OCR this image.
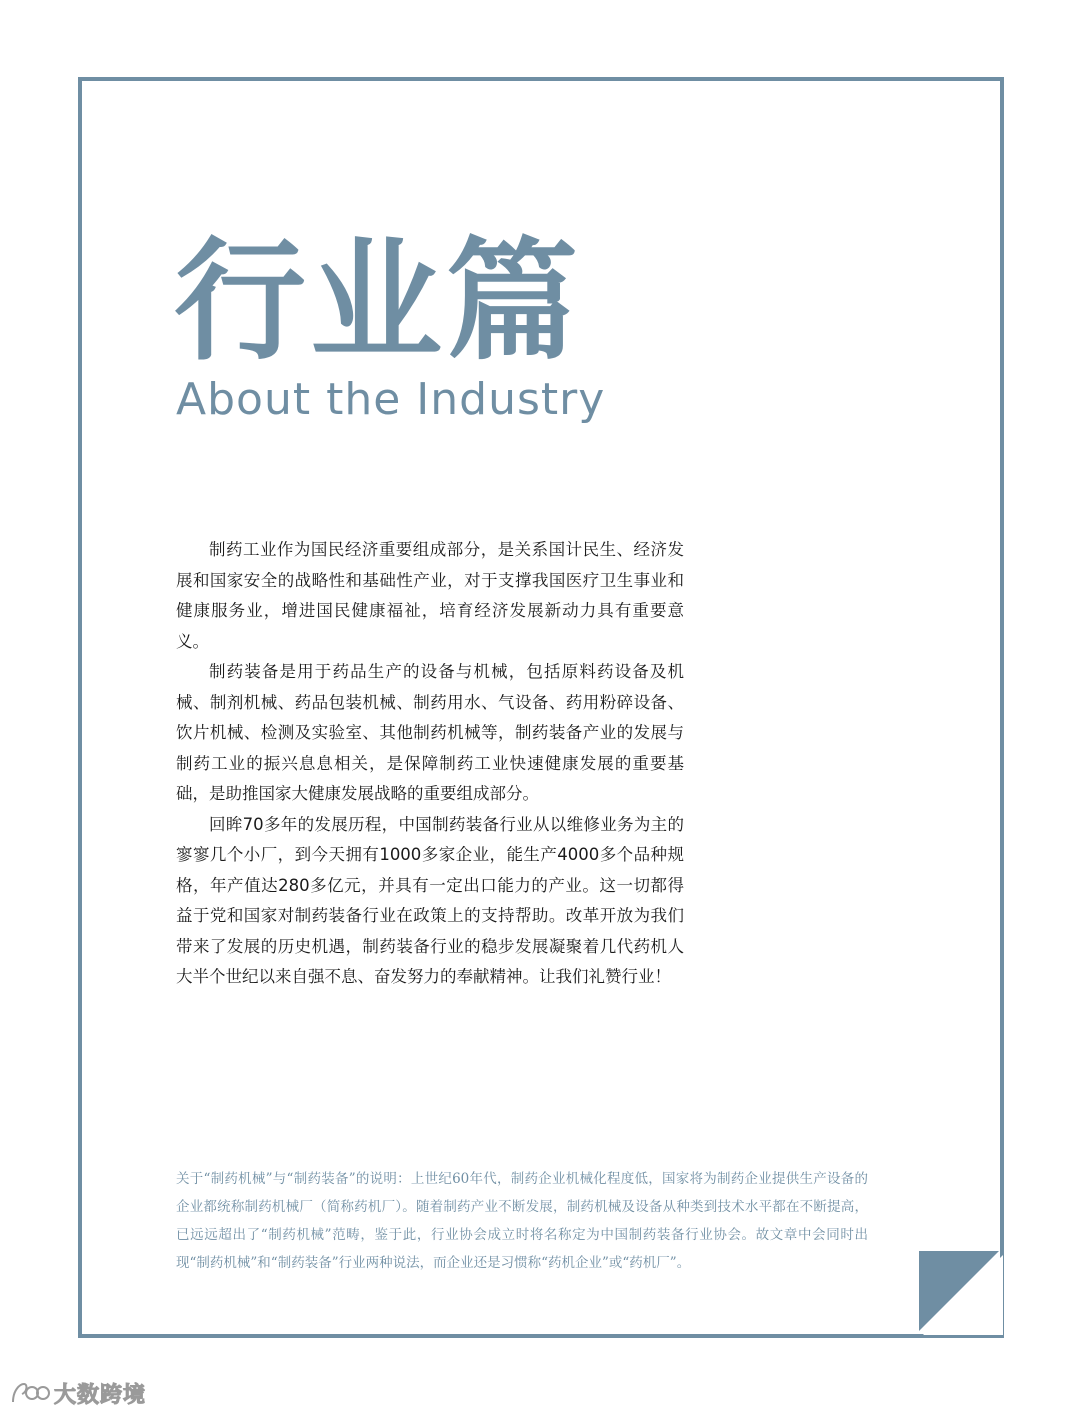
行业篇
About the Industry

制药工业作为国民经济重要组成部分，是关系国计民生、经济发展和国家安全的战略性和基础性产业，对于支撑我国医疗卫生事业和健康服务业，增进国民健康福祉，培育经济发展新动力具有重要意义。

制药装备是用于药品生产的设备与机械，包括原料药设备及机械、制剂机械、药品包装机械、制药用水、气设备、药用粉碎设备、饮片机械、检测及实验室、其他制药机械等，制药装备产业的发展与制药工业的振兴息息相关，是保障制药工业快速健康发展的重要基础，是助推国家大健康发展战略的重要组成部分。

回眸70多年的发展历程，中国制药装备行业从以维修业务为主的寥寥几个小厂，到今天拥有1000多家企业，能生产4000多个品种规格，年产值达280多亿元，并具有一定出口能力的产业。这一切都得益于党和国家对制药装备行业在政策上的支持帮助。改革开放为我们带来了发展的历史机遇，制药装备行业的稳步发展凝聚着几代药机人大半个世纪以来自强不息、奋发努力的奉献精神。让我们礼赞行业！

关于“制药机械”与“制药装备”的说明：上世纪60年代，制药企业机械化程度低，国家将为制药企业提供生产设备的企业都统称制药机械厂（简称药机厂）。随着制药产业不断发展，制药机械及设备从种类到技术水平都在不断提高，已远远超出了“制药机械”范畴，鉴于此，行业协会成立时将名称定为中国制药装备行业协会。故文章中会同时出现“制药机械”和“制药装备”行业两种说法，而企业还是习惯称“药机企业”或“药机厂”。

大数跨境
